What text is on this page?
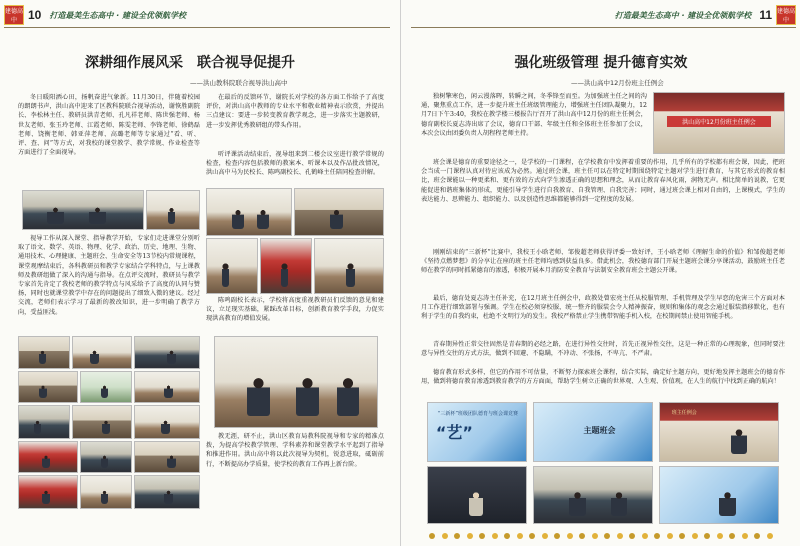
建德高中 10 打造最美生态高中 · 建设全优领航学校
深耕细作展风采　联合视导促提升
——洪山教科院联合视导洪山高中
冬日暖阳洒心田，扬帆奋进气象新。11月30日，伴随着校园的朗朗书声，洪山高中迎来了区教科院联合视导活动，谢恢胜副院长、李松林主任、教研员洪青老师、孔凡祥老师、陈世强老师、杨世友老师、张玉玲老师、江霞老师、陈雯老师、李锋老师、徐鹤磊老师、饶衡老师、韩亚萍老师、高璐老师等专家通过“看、听、评、查、问”等方式，对我校的课堂教学、教学常规、作业检查等方面进行了全面视导。
视导工作从深入课堂、指导教学开始，专家们走进课堂分别听取了语文、数学、英语、物理、化学、政治、历史、地理、生物、通用技术、心理健康、主题班会、生命安全等13节校内常规课程，课堂观摩结束后，各科教研员和教学专家结合学科特点，与上课教师及教研组做了深入的沟通与指导。在点评交流时，教研员与教学专家首先肯定了我校老师的教学特点与风采给予了高度的认同与赞扬，同时也就课堂教学中存在的问题提出了细致入微的建议。经过交流，老师们表示学习了最新的教改知识，进一步明确了教学方向，受益匪浅。
在最后的反馈环节，谢院长对学校的各方面工作给予了高度评价，对洪山高中教师的专业水平和敬业精神表示欣赏，并提出三点建议：要进一步转变教育教学观念，进一步落实主题教研，进一步发挥优秀教研组的带头作用。
听评课活动结束后，视导组来到二楼会议室进行教学常规的检查，检查内容包括教师的教案本、听课本以及作品批改情况，洪山高中马为民校长、陈鸣副校长、孔鹤峰主任陪同检查讲解。
陈鸣副校长表示，学校将高度重视教研员们反馈的意见和建议，立足现实基础，紧踩改革目标，创新教育教学手段，力促实现洪高教育的增值发展。
教无涯，研不止，洪山区教育局教科院视导和专家的精准点拨，为提高学校教学管理、学科素养和课堂教学水平起到了指导和推进作用。洪山高中将以此次视导为契机，锐意进取，砥砺前行，不断提高办学质量，使学校的教育工作再上新台阶。
建德高中
11
打造最美生态高中 · 建设全优领航学校
强化班级管理 提升德育实效
——洪山高中12月份班主任例会
独树擎寒色，闲云漫落晖，转瞬之间，冬季锋至而至。为加强班主任之间的沟通，聚焦重点工作，进一步提升班主任班级管理能力，增强班主任团队凝聚力，12月7日下午3:40，我校在教学楼三楼报告厅召开了洪山高中12月份的班主任例会，德育副校长夏志涛出席了会议，德育口干部、年级主任和全体班主任参加了会议，本次会议由团委负责人胡程程老师主持。
洪山高中12月份班主任例会
班会课是德育的重要途径之一，是学校的一门课程，在学校教育中发挥着重要的作用，几乎所有的学校都有班会课，因此，把班会当成一门课程认真对待应该成为必然。通过班会课，班主任可以在特定时期围绕特定主题对学生进行教育，与其它形式的教育相比，班会课能以一种更柔和、更有效的方式向学生渗透正确的思想和理念，从而让教育春风化雨，润物无声。相比简单的说教，它更能促进和谐班集体的形成，更能引导学生进行自我教育、自我管理、自我完善；同时，通过班会课上相对自由的，上课模式，学生的表达能力、思辨能力、组织能力、以及创造性思维都能够得到一定程度的发展。
刚刚结束的“三新杯”比赛中，我校王小晗老师、邹俊超老师获得评委一致好评，王小晗老师《理解生命的价值》和邹俊超老师《坚持点燃梦想》的分享让在座的班主任老师均感到获益良多。借此机会，我校德育部门开展主题班会课分享课活动，鼓励班主任老师在教学的同时抓紧德育的渗透，积极开展本月消防安全教育与法制安全教育班会主题公开课。
最后，德育处夏志涛主任补充，在12月班主任例会中，政教处曾宏亮主任从校服管理、手机管理及学生早恋的危害三个方面对本月工作进行细致部署与强调。学生在校必须穿校服，统一整齐的服装会令人精神振奋，规则和集体的观念会通过服装潜移默化，也有利于学生的自我约束，杜绝不文明行为的发生。我校严格禁止学生携带智能手机入校，在校期间禁止使用智能手机。
青春期异性正常交往固然是青春期的必经之路，在进行异性交往时，首先正视异性交往，这是一种正常的心理现象，但同时要注意与异性交往的方式方法，做到不回避、不隐瞒，不冲动、不张扬，不卑亢、不严肃。
德育教育形式多样，但它的作用不可估量，不断努力探索班会课程，结合实际，确定好主题方向，更好地发挥主题班会的德育作用，做到将德育教育渗透到教育教学的方方面面，帮助学生树立正确的世界观、人生观、价值观，在人生的航行中找到正确的航向！
“三新杯”班级团队德育与班会课竞赛
“艺”	主题班会
班主任例会
